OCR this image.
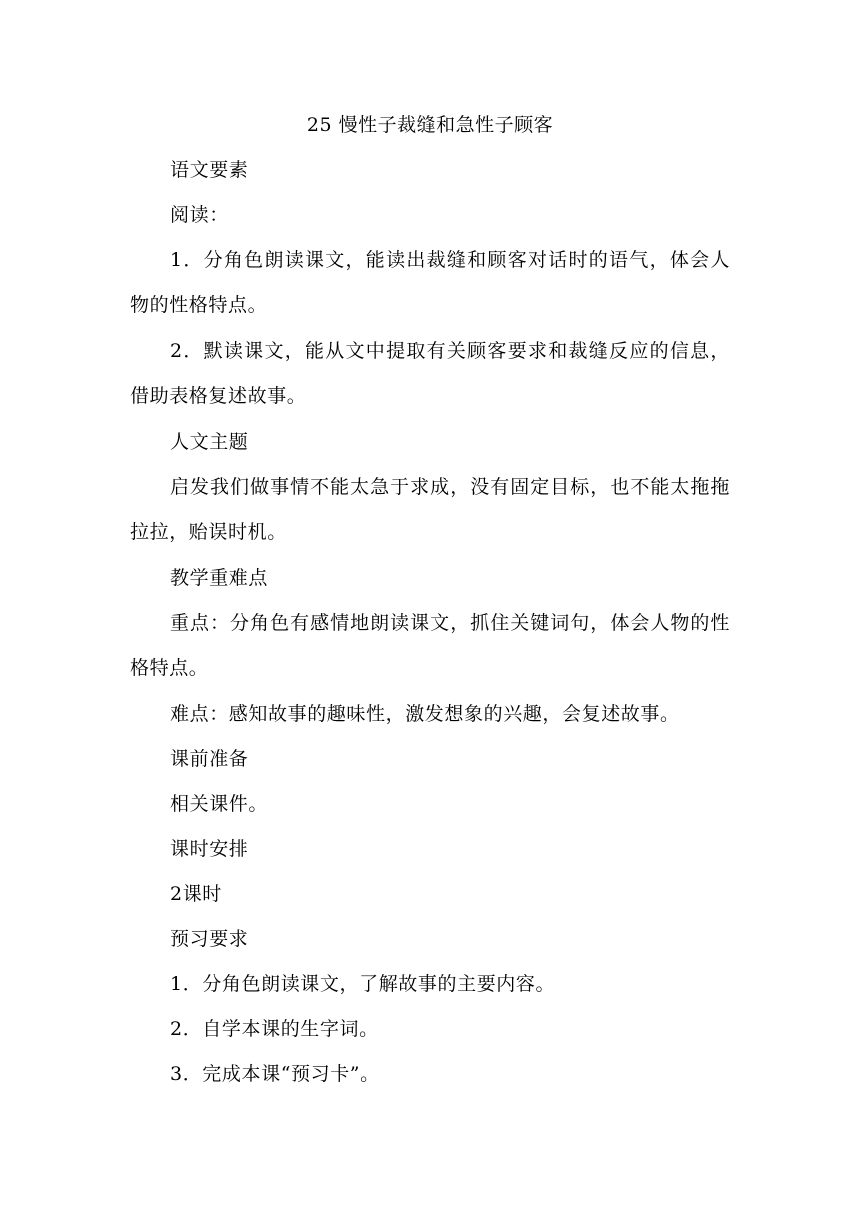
25 慢性子裁缝和急性子顾客

语文要素

阅读：

1．分角色朗读课文，能读出裁缝和顾客对话时的语气，体会人物的性格特点。

2．默读课文，能从文中提取有关顾客要求和裁缝反应的信息，借助表格复述故事。

人文主题

启发我们做事情不能太急于求成，没有固定目标，也不能太拖拖拉拉，贻误时机。

教学重难点

重点：分角色有感情地朗读课文，抓住关键词句，体会人物的性格特点。

难点：感知故事的趣味性，激发想象的兴趣，会复述故事。

课前准备

相关课件。

课时安排

2课时

预习要求

1．分角色朗读课文，了解故事的主要内容。

2．自学本课的生字词。

3．完成本课“预习卡”。
